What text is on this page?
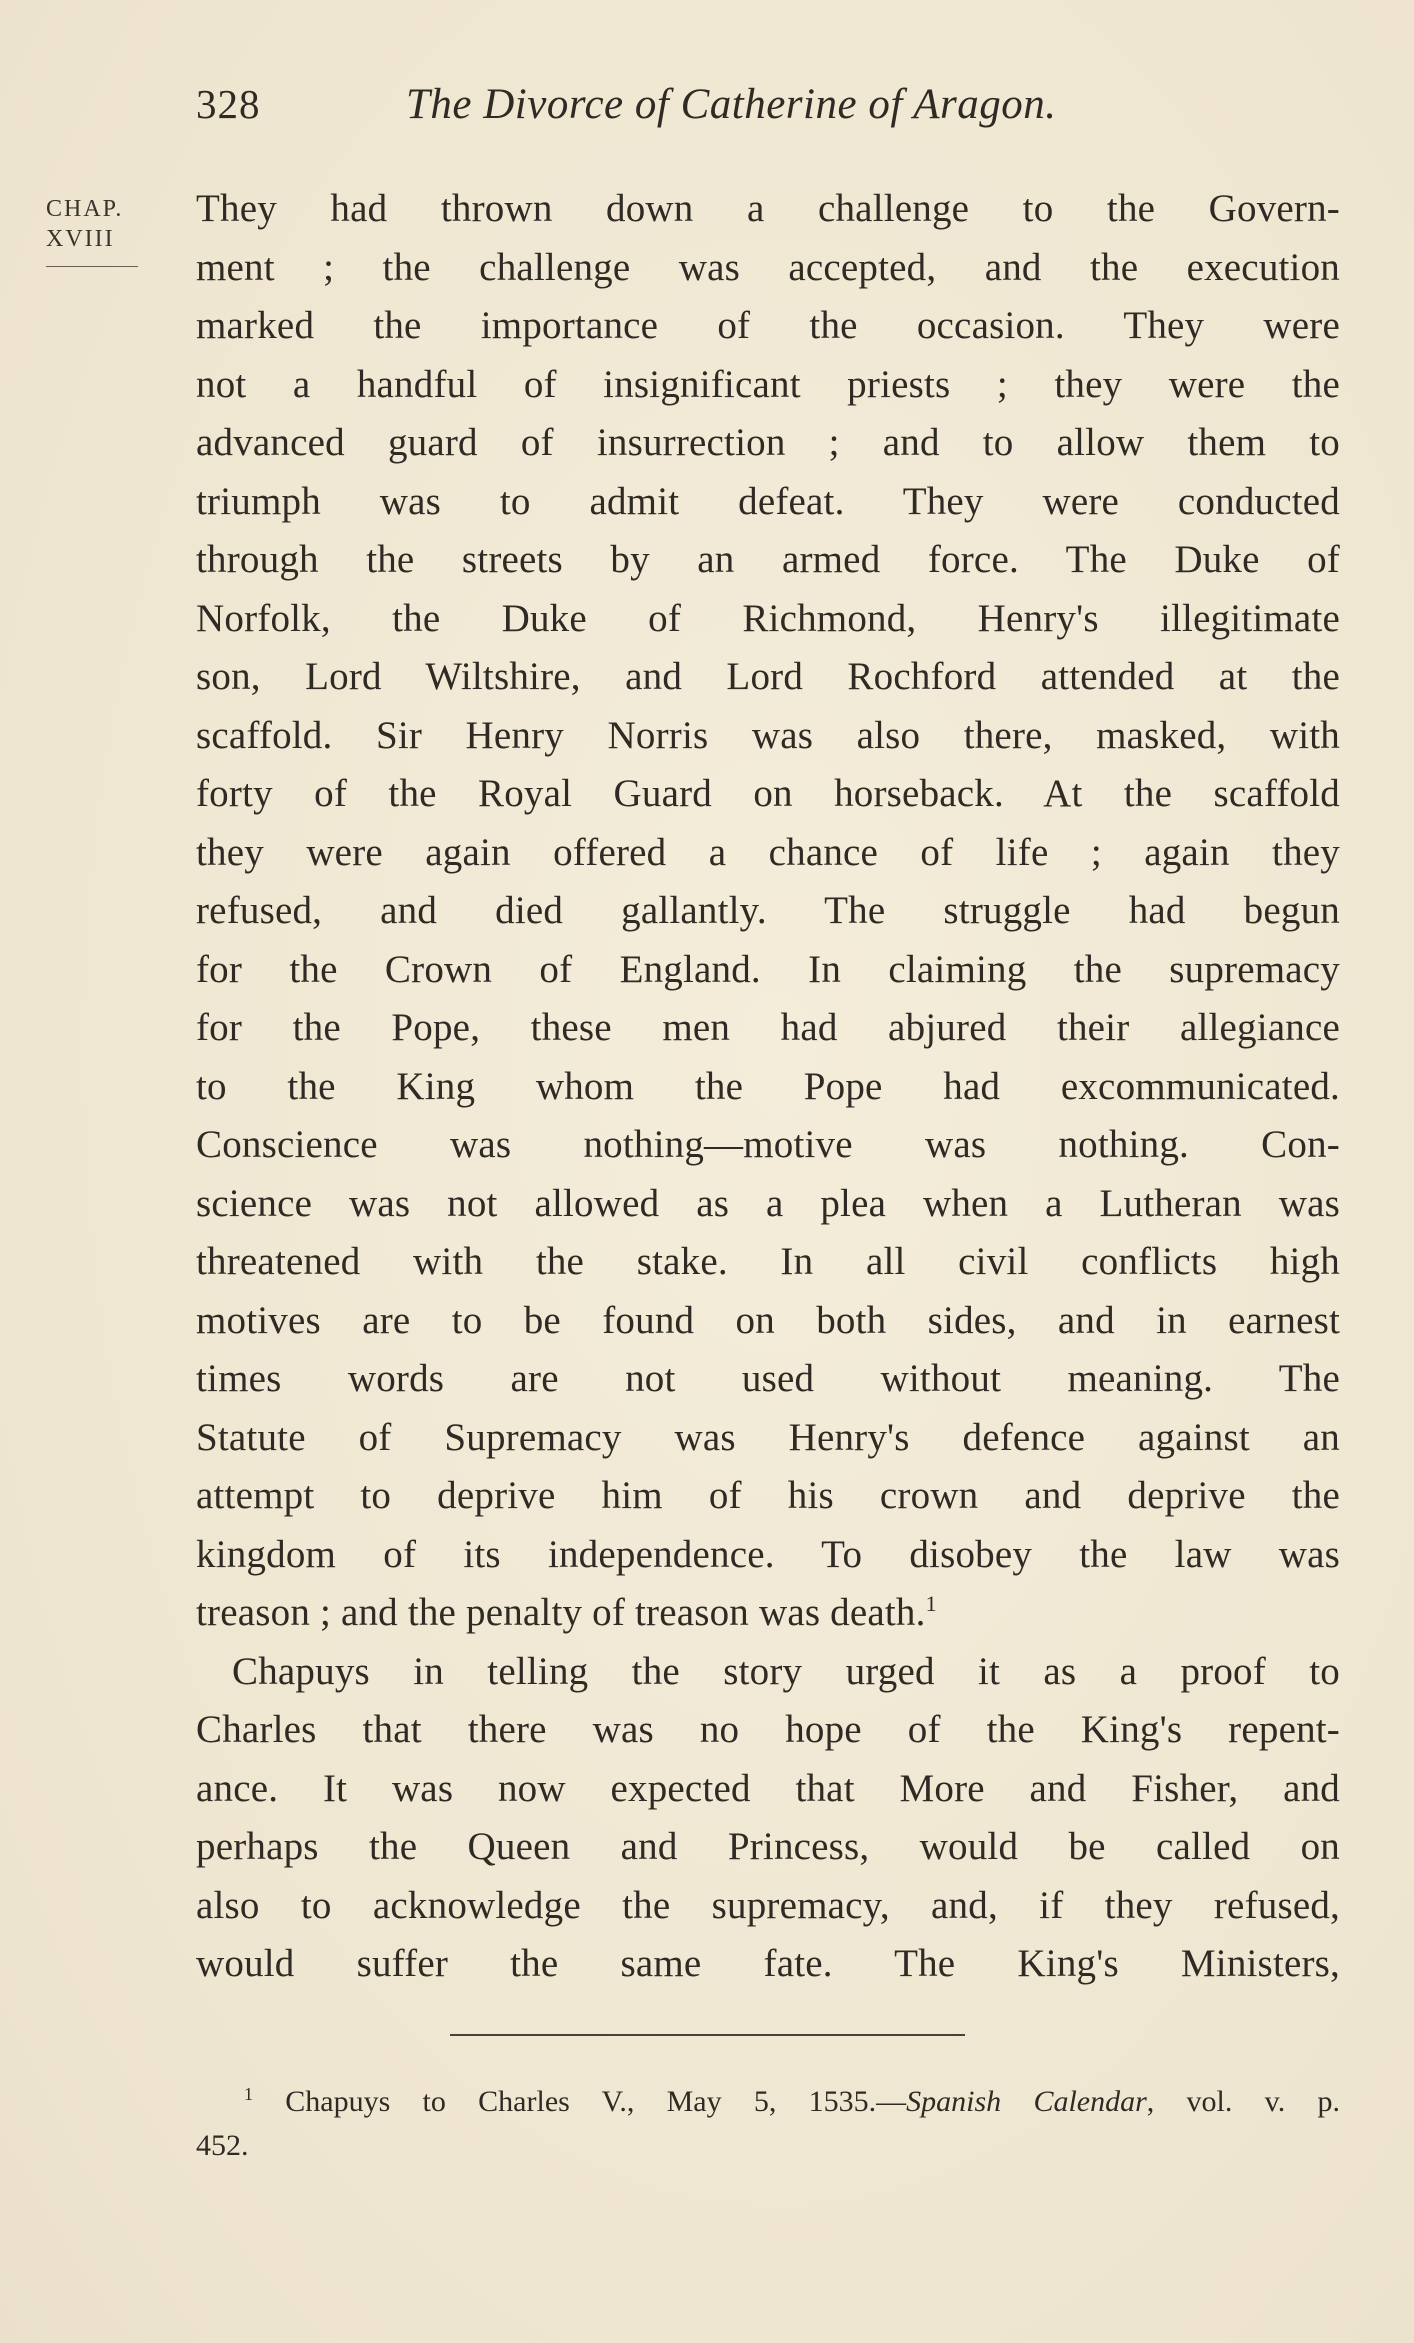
328	The Divorce of Catherine of Aragon.
CHAP.
XVIII
They had thrown down a challenge to the Govern-
ment ; the challenge was accepted, and the execution
marked the importance of the occasion. They were
not a handful of insignificant priests ; they were the
advanced guard of insurrection ; and to allow them to
triumph was to admit defeat. They were conducted
through the streets by an armed force. The Duke of
Norfolk, the Duke of Richmond, Henry's illegitimate
son, Lord Wiltshire, and Lord Rochford attended at the
scaffold. Sir Henry Norris was also there, masked, with
forty of the Royal Guard on horseback. At the scaffold
they were again offered a chance of life ; again they
refused, and died gallantly. The struggle had begun
for the Crown of England. In claiming the supremacy
for the Pope, these men had abjured their allegiance
to the King whom the Pope had excommunicated.
Conscience was nothing—motive was nothing. Con-
science was not allowed as a plea when a Lutheran was
threatened with the stake. In all civil conflicts high
motives are to be found on both sides, and in earnest
times words are not used without meaning. The
Statute of Supremacy was Henry's defence against an
attempt to deprive him of his crown and deprive the
kingdom of its independence. To disobey the law was
treason ; and the penalty of treason was death.$^1$
Chapuys in telling the story urged it as a proof to
Charles that there was no hope of the King's repent-
ance. It was now expected that More and Fisher, and
perhaps the Queen and Princess, would be called on
also to acknowledge the supremacy, and, if they refused,
would suffer the same fate. The King's Ministers,
$^1$ Chapuys to Charles V., May 5, 1535.—Spanish Calendar, vol. v. p.
452.
